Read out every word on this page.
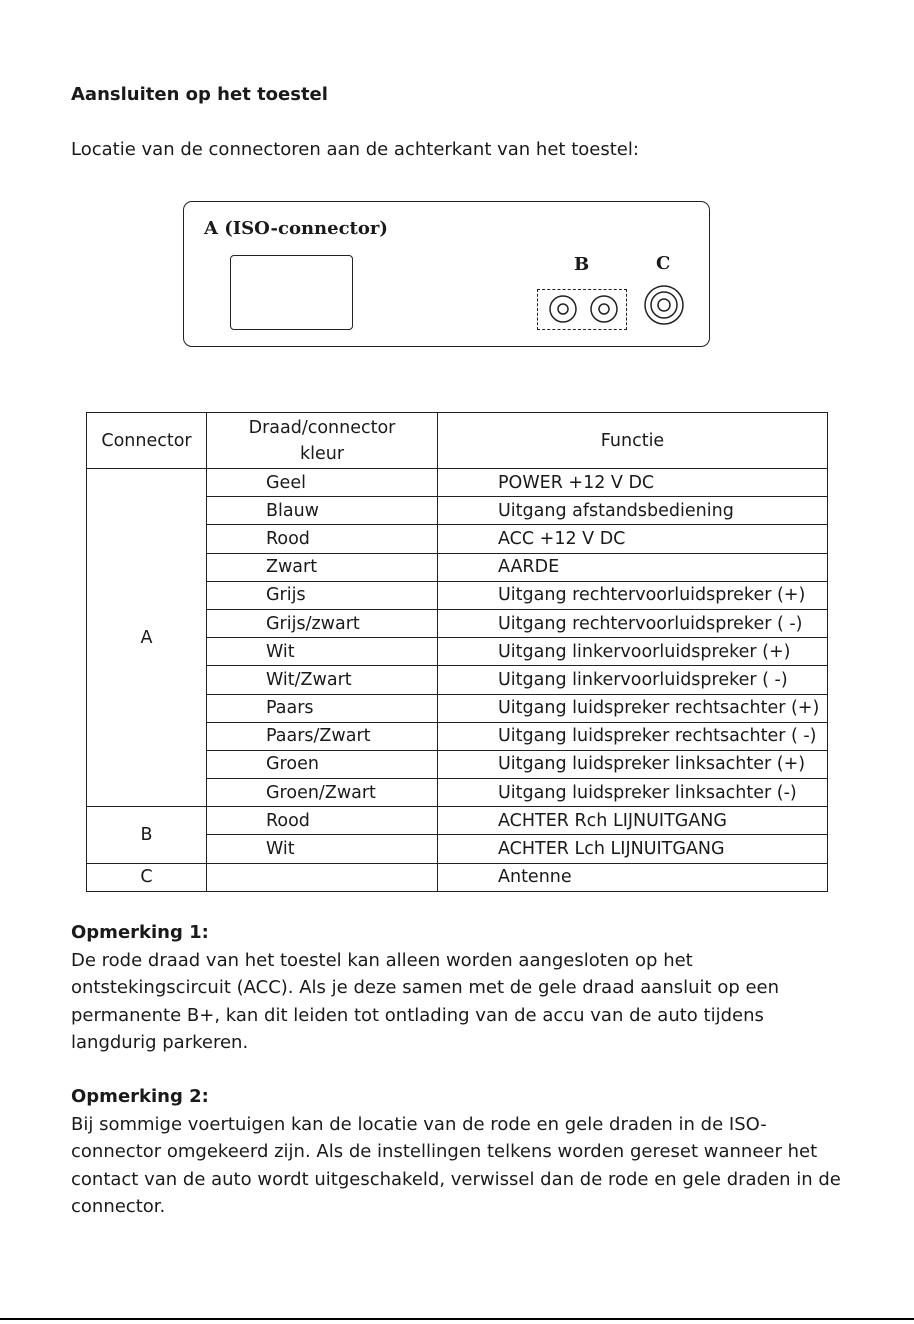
Aansluiten op het toestel
Locatie van de connectoren aan de achterkant van het toestel:
A (ISO-connector)
B	C
Connector	Draad/connector kleur	Functie
A	Geel	POWER +12 V DC
	Blauw	Uitgang afstandsbediening
	Rood	ACC +12 V DC
	Zwart	AARDE
	Grijs	Uitgang rechtervoorluidspreker (+)
	Grijs/zwart	Uitgang rechtervoorluidspreker ( -)
	Wit	Uitgang linkervoorluidspreker (+)
	Wit/Zwart	Uitgang linkervoorluidspreker ( -)
	Paars	Uitgang luidspreker rechtsachter (+)
	Paars/Zwart	Uitgang luidspreker rechtsachter ( -)
	Groen	Uitgang luidspreker linksachter (+)
	Groen/Zwart	Uitgang luidspreker linksachter (-)
B	Rood	ACHTER Rch LIJNUITGANG
	Wit	ACHTER Lch LIJNUITGANG
C		Antenne
Opmerking 1:
De rode draad van het toestel kan alleen worden aangesloten op het
ontstekingscircuit (ACC). Als je deze samen met de gele draad aansluit op een
permanente B+, kan dit leiden tot ontlading van de accu van de auto tijdens
langdurig parkeren.
Opmerking 2:
Bij sommige voertuigen kan de locatie van de rode en gele draden in de ISO-
connector omgekeerd zijn. Als de instellingen telkens worden gereset wanneer het
contact van de auto wordt uitgeschakeld, verwissel dan de rode en gele draden in de
connector.
